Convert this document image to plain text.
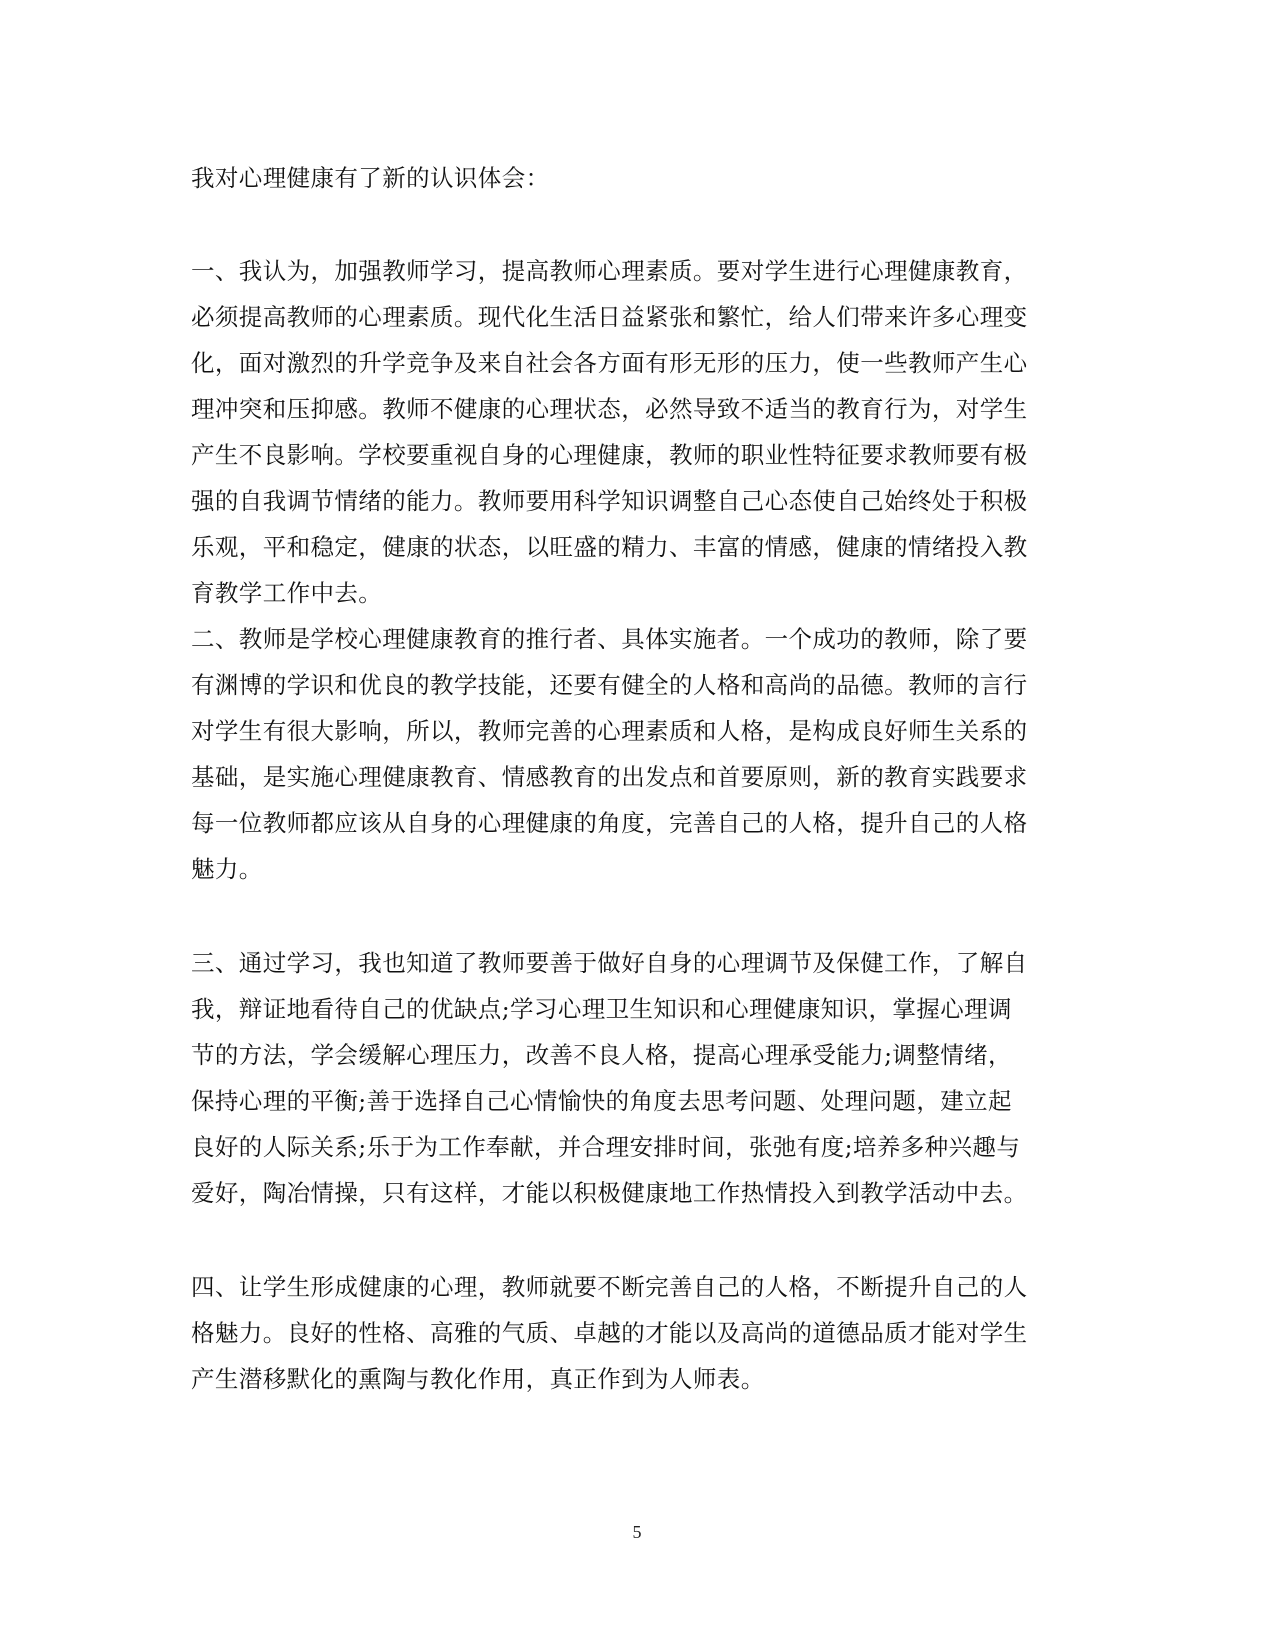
我对心理健康有了新的认识体会：
一、我认为，加强教师学习，提高教师心理素质。要对学生进行心理健康教育，
必须提高教师的心理素质。现代化生活日益紧张和繁忙，给人们带来许多心理变
化，面对激烈的升学竞争及来自社会各方面有形无形的压力，使一些教师产生心
理冲突和压抑感。教师不健康的心理状态，必然导致不适当的教育行为，对学生
产生不良影响。学校要重视自身的心理健康，教师的职业性特征要求教师要有极
强的自我调节情绪的能力。教师要用科学知识调整自己心态使自己始终处于积极
乐观，平和稳定，健康的状态，以旺盛的精力、丰富的情感，健康的情绪投入教
育教学工作中去。
二、教师是学校心理健康教育的推行者、具体实施者。一个成功的教师，除了要
有渊博的学识和优良的教学技能，还要有健全的人格和高尚的品德。教师的言行
对学生有很大影响，所以，教师完善的心理素质和人格，是构成良好师生关系的
基础，是实施心理健康教育、情感教育的出发点和首要原则，新的教育实践要求
每一位教师都应该从自身的心理健康的角度，完善自己的人格，提升自己的人格
魅力。
三、通过学习，我也知道了教师要善于做好自身的心理调节及保健工作，了解自
我，辩证地看待自己的优缺点;学习心理卫生知识和心理健康知识，掌握心理调
节的方法，学会缓解心理压力，改善不良人格，提高心理承受能力;调整情绪，
保持心理的平衡;善于选择自己心情愉快的角度去思考问题、处理问题，建立起
良好的人际关系;乐于为工作奉献，并合理安排时间，张弛有度;培养多种兴趣与
爱好，陶冶情操，只有这样，才能以积极健康地工作热情投入到教学活动中去。
四、让学生形成健康的心理，教师就要不断完善自己的人格，不断提升自己的人
格魅力。良好的性格、高雅的气质、卓越的才能以及高尚的道德品质才能对学生
产生潜移默化的熏陶与教化作用，真正作到为人师表。
5
